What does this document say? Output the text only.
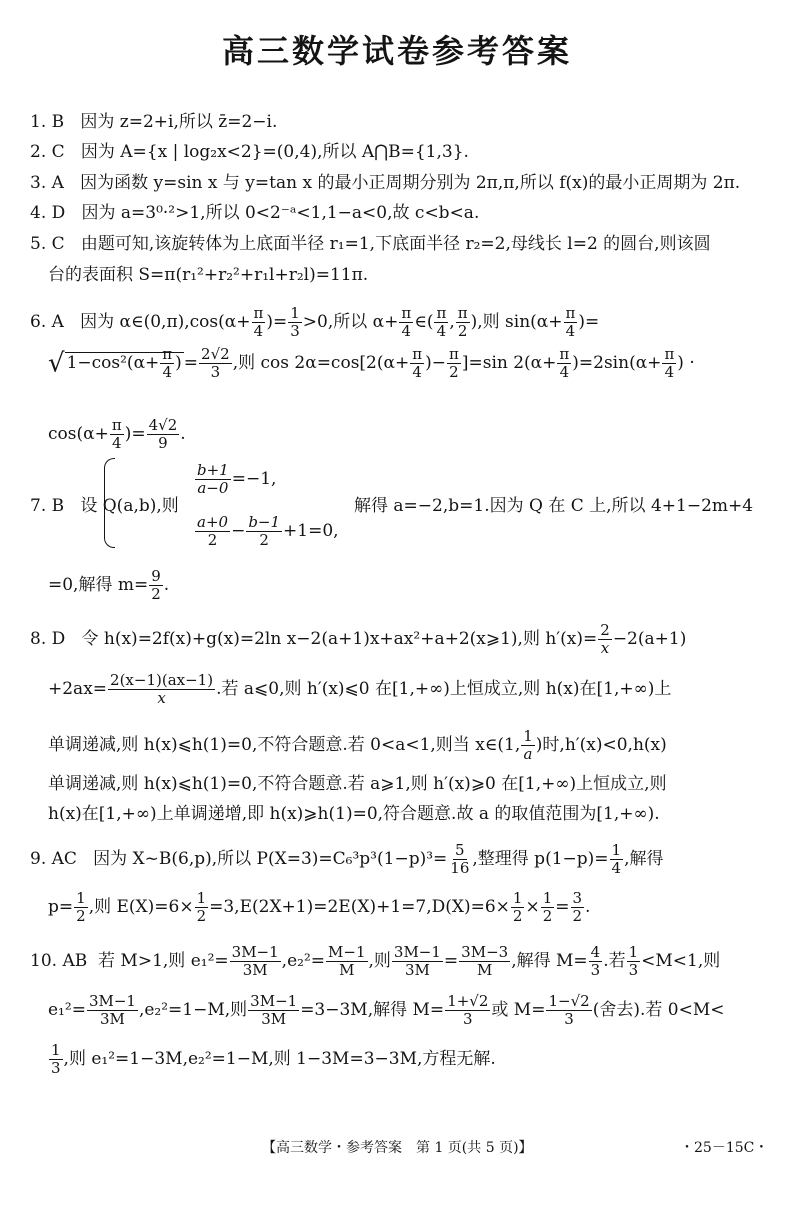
高三数学试卷参考答案
1. B 因为 z=2+i,所以 z̄=2−i.
2. C 因为 A={x | log₂x<2}=(0,4),所以 A⋂B={1,3}.
3. A 因为函数 y=sin x 与 y=tan x 的最小正周期分别为 2π,π,所以 f(x)的最小正周期为 2π.
4. D 因为 a=3⁰·²>1,所以 0<2⁻ᵃ<1,1−a<0,故 c<b<a.
5. C 由题可知,该旋转体为上底面半径 r₁=1,下底面半径 r₂=2,母线长 l=2 的圆台,则该圆
台的表面积 S=π(r₁²+r₂²+r₁l+r₂l)=11π.
6. A 因为 α∈(0,π),cos(α+ $\frac{\pi}{4}$ )= $\frac{1}{3} >0$,所以 $\alpha+ \frac{\pi}{4}$ ∈( $\frac{\pi}{4}$ , $\frac{\pi}{2}$ ),则 $\sin(\alpha+ \frac{\pi}{4}$ )=
√ $1-\cos^2(\alpha+ \frac{\pi}{4}$ ) = $\frac{2√2}{3}$ ,则 $\cos 2\alpha=\cos[2(\alpha+ \frac{\pi}{4}$ )− $\frac{\pi}{2} ]=\sin$ $2(\alpha+ \frac{\pi}{4} )=2\sin(\alpha+ \frac{\pi}{4}$ ) ·
$\cos(\alpha+ \frac{\pi}{4}$ )= $\frac{4√2}{9}$ .
7. B 设 Q(a,b),则
$\frac{b+1}{a-0} =-1$,
$\frac{a+0}{2} - \frac{b-1}{2} +1=0$,
解得 a=−2,b=1.因为 Q 在 C 上,所以 4+1−2m+4
=0,解得 $m= \frac{9}{2}$ .
8. D 令 h(x)=2f(x)+g(x)=2ln x−2(a+1)x+ax²+a+2(x⩾1),则 $h'(x)= \frac{2}{x} -2(a+1)$
$+2ax= \frac{2(x-1)(ax-1)}{x}$ .若 a⩽0,则 h′(x)⩽0 在[1,+∞)上恒成立,则 h(x)在[1,+∞)上
单调递减,则 h(x)⩽h(1)=0,不符合题意.若 0<a<1,则当 x∈(1, $\frac{1}{a}$ )时,h′(x)<0,h(x)
单调递减,则 h(x)⩽h(1)=0,不符合题意.若 a⩾1,则 h′(x)⩾0 在[1,+∞)上恒成立,则
h(x)在[1,+∞)上单调递增,即 h(x)⩾h(1)=0,符合题意.故 a 的取值范围为[1,+∞).
9. AC 因为 X~B(6,p),所以 $P(X=3)=C_6^3p^3(1-p)^3= \frac{5}{16}$ ,整理得 $p(1-p)= \frac{1}{4}$ ,解得
$p= \frac{1}{2}$ ,则 $E(X)=6\times \frac{1}{2} =3,E(2X+1)=2E(X)+1=7,D(X)=6\times \frac{1}{2} \times \frac{1}{2} = \frac{3}{2}$ .
10. AB 若 M>1,则 $e_1^2= \frac{3M-1}{3M} ,e_2^2= \frac{M-1}{M}$ ,则 $\frac{3M-1}{3M} = \frac{3M-3}{M}$ ,解得 $M= \frac{4}{3}$ .若 $\frac{1}{3} <M<1$,则
$e_1^2= \frac{3M-1}{3M} ,e_2^2=1-M$,则 $\frac{3M-1}{3M} =3-3M$,解得 $M= \frac{1+√2}{3}$ 或 $M= \frac{1-√2}{3}$ (舍去).若 0<M<
$\frac{1}{3}$ ,则 e₁²=1−3M,e₂²=1−M,则 1−3M=3−3M,方程无解.
【高三数学・参考答案　第 1 页(共 5 页)】	・25－15C・
